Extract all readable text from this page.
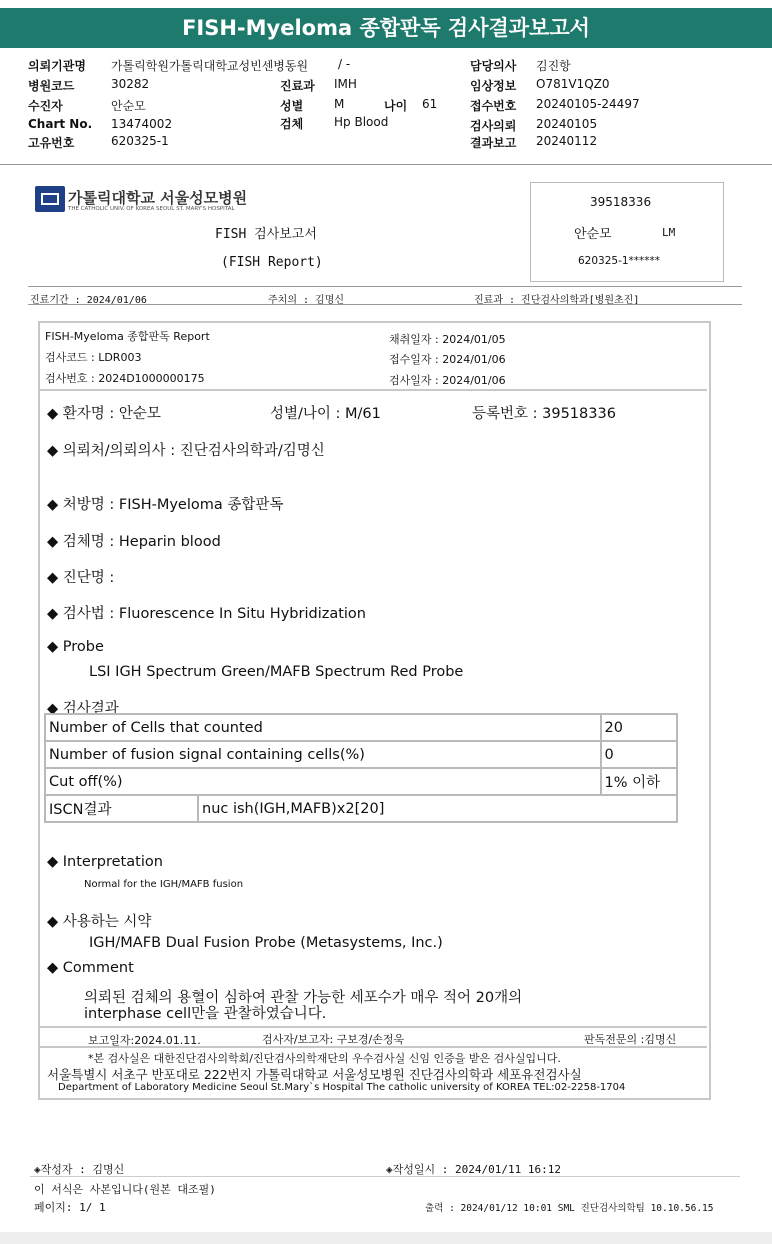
FISH-Myeloma 종합판독 검사결과보고서
의뢰기관명 가톨릭학원가톨릭대학교성빈센병동원 / -
병원코드	30282	진료과 IMH
수진자	안순모	성별	M	나이 61
Chart No. 13474002	검체	Hp Blood
고유번호	620325-1
담당의사 김진항
임상정보 O781V1QZ0
접수번호 20240105-24497
검사의뢰 20240105
결과보고 20240112
가톨릭대학교 서울성모병원
THE CATHOLIC UNIV. OF KOREA SEOUL ST. MARY'S HOSPITAL
FISH 검사보고서
(FISH Report)
39518336
안순모	LM
620325-1******
진료기간 : 2024/01/06	주치의 : 김명신	진료과 : 진단검사의학과[병원초진]
FISH-Myeloma 종합판독 Report
검사코드 : LDR003
검사번호 : 2024D1000000175
채취일자 : 2024/01/05
접수일자 : 2024/01/06
검사일자 : 2024/01/06
◆ 환자명 : 안순모	성별/나이 : M/61	등록번호 : 39518336
◆ 의뢰처/의뢰의사 : 진단검사의학과/김명신
◆ 처방명 : FISH-Myeloma 종합판독
◆ 검체명 : Heparin blood
◆ 진단명 :
◆ 검사법 : Fluorescence In Situ Hybridization
◆ Probe
LSI IGH Spectrum Green/MAFB Spectrum Red Probe
◆ 검사결과
Number of Cells that counted		20
Number of fusion signal containing cells(%)		0
Cut off(%)		1% 이하
ISCN결과	nuc ish(IGH,MAFB)x2[20]	
◆ Interpretation
Normal for the IGH/MAFB fusion
◆ 사용하는 시약
IGH/MAFB Dual Fusion Probe (Metasystems, Inc.)
◆ Comment
의뢰된 검체의 용혈이 심하여 관찰 가능한 세포수가 매우 적어 20개의
interphase cell만을 관찰하였습니다.
보고일자:2024.01.11.	검사자/보고자: 구보경/손정욱	판독전문의 :김명신
*본 검사실은 대한진단검사의학회/진단검사의학재단의 우수검사실 신임 인증을 받은 검사실입니다.
서울특별시 서초구 반포대로 222번지 가톨릭대학교 서울성모병원 진단검사의학과 세포유전검사실
Department of Laboratory Medicine Seoul St.Mary`s Hospital The catholic university of KOREA TEL:02-2258-1704
◈작성자 : 김명신	◈작성일시 : 2024/01/11 16:12
이 서식은 사본입니다(원본 대조필)
페이지: 1/ 1	출력 : 2024/01/12 10:01 SML 진단검사의학팀 10.10.56.15
